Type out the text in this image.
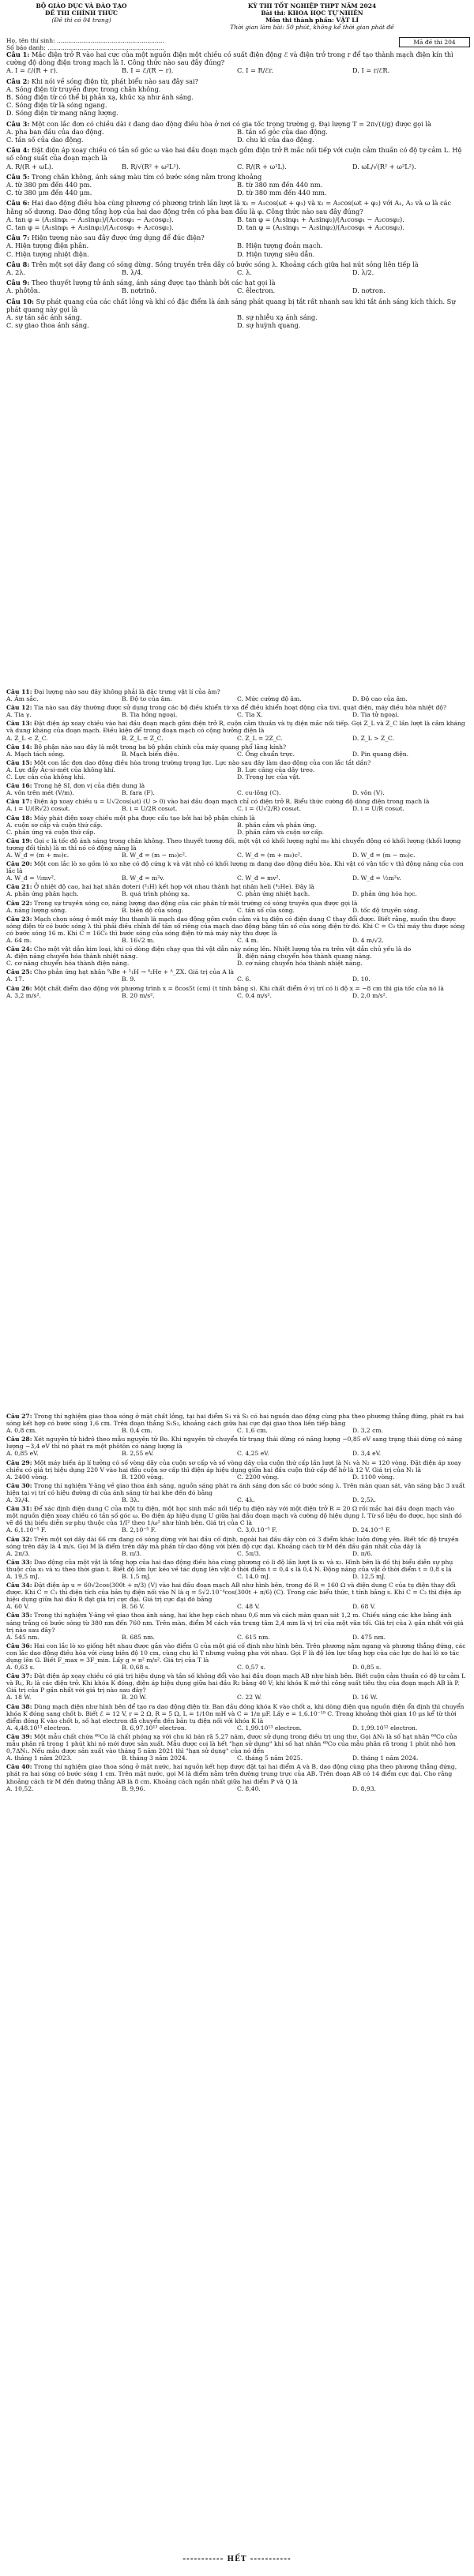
BỘ GIÁO DỤC VÀ ĐÀO TẠO
ĐỀ THI CHÍNH THỨC
(Đề thi có 04 trang)
KỲ THI TỐT NGHIỆP THPT NĂM 2024
Bài thi: KHOA HỌC TỰ NHIÊN
Môn thi thành phần: VẬT LÍ
Thời gian làm bài: 50 phút, không kể thời gian phát đề
Họ, tên thí sinh: .........................................................
Số báo danh: ..............................................................
Mã đề thi 204
Câu 1: Mắc điện trở R vào hai cực của một nguồn điện một chiều có suất điện động ℰ và điện trở trong r để tạo thành mạch điện kín thì cường độ dòng điện trong mạch là I. Công thức nào sau đây đúng?
A. I = ℰ/(R + r).	B. I = ℰ/(R − r).	C. I = R/ℰr.	D. I = r/ℰR.
Câu 2: Khi nói về sóng điện từ, phát biểu nào sau đây sai?
A. Sóng điện từ truyền được trong chân không.
B. Sóng điện từ có thể bị phản xạ, khúc xạ như ánh sáng.
C. Sóng điện từ là sóng ngang.
D. Sóng điện từ mang năng lượng.
Câu 3: Một con lắc đơn có chiều dài ℓ đang dao động điều hòa ở nơi có gia tốc trọng trường g. Đại lượng T = 2π√(ℓ/g) được gọi là
A. pha ban đầu của dao động.	B. tần số góc của dao động.
C. tần số của dao động.	D. chu kì của dao động.
Câu 4: Đặt điện áp xoay chiều có tần số góc ω vào hai đầu đoạn mạch gồm điện trở R mắc nối tiếp với cuộn cảm thuần có độ tự cảm L. Hệ số công suất của đoạn mạch là
A. R/(R + ωL).	B. R/√(R² + ω²L²).	C. R/(R + ω²L).	D. ωL/√(R² + ω²L²).
Câu 5: Trong chân không, ánh sáng màu tím có bước sóng nằm trong khoảng
A. từ 380 pm đến 440 pm.	B. từ 380 nm đến 440 nm.
C. từ 380 μm đến 440 μm.	D. từ 380 mm đến 440 mm.
Câu 6: Hai dao động điều hòa cùng phương có phương trình lần lượt là x₁ = A₁cos(ωt + φ₁) và x₂ = A₂cos(ωt + φ₂) với A₁, A₂ và ω là các hằng số dương. Dao động tổng hợp của hai dao động trên có pha ban đầu là φ. Công thức nào sau đây đúng?
A. tan φ = (A₁sinφ₁ − A₂sinφ₂)/(A₁cosφ₁ − A₂cosφ₂).	B. tan φ = (A₁sinφ₁ + A₂sinφ₂)/(A₁cosφ₁ − A₂cosφ₂).
C. tan φ = (A₁sinφ₁ + A₂sinφ₂)/(A₁cosφ₁ + A₂cosφ₂).	D. tan φ = (A₁sinφ₁ − A₂sinφ₂)/(A₁cosφ₁ + A₂cosφ₂).
Câu 7: Hiện tượng nào sau đây được ứng dụng để đúc điện?
A. Hiện tượng điện phân.	B. Hiện tượng đoản mạch.
C. Hiện tượng nhiệt điện.	D. Hiện tượng siêu dẫn.
Câu 8: Trên một sợi dây đang có sóng dừng. Sóng truyền trên dây có bước sóng λ. Khoảng cách giữa hai nút sóng liên tiếp là
A. 2λ.	B. λ/4.	C. λ.	D. λ/2.
Câu 9: Theo thuyết lượng tử ánh sáng, ánh sáng được tạo thành bởi các hạt gọi là
A. phôtôn.	B. nơtrinô.	C. êlectron.	D. nơtron.
Câu 10: Sự phát quang của các chất lỏng và khí có đặc điểm là ánh sáng phát quang bị tắt rất nhanh sau khi tắt ánh sáng kích thích. Sự phát quang này gọi là
A. sự tán sắc ánh sáng.	B. sự nhiễu xạ ánh sáng.
C. sự giao thoa ánh sáng.	D. sự huỳnh quang.
Câu 11: Đại lượng nào sau đây không phải là đặc trưng vật lí của âm?
A. Âm sắc.	B. Độ to của âm.	C. Mức cường độ âm.	D. Độ cao của âm.
Câu 12: Tia nào sau đây thường được sử dụng trong các bộ điều khiển từ xa để điều khiển hoạt động của tivi, quạt điện, máy điều hòa nhiệt độ?
A. Tia γ.	B. Tia hồng ngoại.	C. Tia X.	D. Tia tử ngoại.
Câu 13: Đặt điện áp xoay chiều vào hai đầu đoạn mạch gồm điện trở R, cuộn cảm thuần và tụ điện mắc nối tiếp. Gọi Z_L và Z_C lần lượt là cảm kháng và dung kháng của đoạn mạch. Điều kiện để trong đoạn mạch có cộng hưởng điện là
A. Z_L < Z_C.	B. Z_L = Z_C.	C. Z_L = 2Z_C.	D. Z_L > Z_C.
Câu 14: Bộ phận nào sau đây là một trong ba bộ phận chính của máy quang phổ lăng kính?
A. Mạch tách sóng.	B. Mạch biến điệu.	C. Ống chuẩn trực.	D. Pin quang điện.
Câu 15: Một con lắc đơn dao động điều hòa trong trường trọng lực. Lực nào sau đây làm dao động của con lắc tắt dần?
A. Lực đẩy Ác-si-mét của không khí.	B. Lực căng của dây treo.
C. Lực cản của không khí.	D. Trọng lực của vật.
Câu 16: Trong hệ SI, đơn vị của điện dung là
A. vôn trên mét (V/m).	B. fara (F).	C. cu-lông (C).	D. vôn (V).
Câu 17: Điện áp xoay chiều u = U√2cos(ωt) (U > 0) vào hai đầu đoạn mạch chỉ có điện trở R. Biểu thức cường độ dòng điện trong mạch là
A. i = U/(R√2) cosωt.	B. i = U/2R cosωt.	C. i = (U√2/R) cosωt.	D. i = U/R cosωt.
Câu 18: Máy phát điện xoay chiều một pha được cấu tạo bởi hai bộ phận chính là
A. cuộn sơ cấp và cuộn thứ cấp.	B. phần cảm và phần ứng.
C. phần ứng và cuộn thứ cấp.	D. phần cảm và cuộn sơ cấp.
Câu 19: Gọi c là tốc độ ánh sáng trong chân không. Theo thuyết tương đối, một vật có khối lượng nghỉ m₀ khi chuyển động có khối lượng (khối lượng tương đối tính) là m thì nó có động năng là
A. W_đ = (m + m₀)c.	B. W_đ = (m − m₀)c².	C. W_đ = (m + m₀)c².	D. W_đ = (m − m₀)c.
Câu 20: Một con lắc lò xo gồm lò xo nhẹ có độ cứng k và vật nhỏ có khối lượng m đang dao động điều hòa. Khi vật có vận tốc v thì động năng của con lắc là
A. W_đ = ½mv².	B. W_đ = m²v.	C. W_đ = mv².	D. W_đ = ½m²v.
Câu 21: Ở nhiệt độ cao, hai hạt nhân đơteri (²₁H) kết hợp với nhau thành hạt nhân heli (⁴₂He). Đây là
A. phản ứng phân hạch.	B. quá trình phóng xạ.	C. phản ứng nhiệt hạch.	D. phản ứng hóa học.
Câu 22: Trong sự truyền sóng cơ, năng lượng dao động của các phần tử môi trường có sóng truyền qua được gọi là
A. năng lượng sóng.	B. biên độ của sóng.	C. tần số của sóng.	D. tốc độ truyền sóng.
Câu 23: Mạch chọn sóng ở một máy thu thanh là mạch dao động gồm cuộn cảm và tụ điện có điện dung C thay đổi được. Biết rằng, muốn thu được sóng điện từ có bước sóng λ thì phải điều chỉnh để tần số riêng của mạch dao động bằng tần số của sóng điện từ đó. Khi C = C₀ thì máy thu được sóng có bước sóng 16 m. Khi C = 16C₀ thì bước sóng của sóng điện từ mà máy này thu được là
A. 64 m.	B. 16√2 m.	C. 4 m.	D. 4 m/√2.
Câu 24: Cho một vật dẫn kim loại, khi có dòng điện chạy qua thì vật dẫn này nóng lên. Nhiệt lượng tỏa ra trên vật dẫn chủ yếu là do
A. điện năng chuyển hóa thành nhiệt năng.	B. điện năng chuyển hóa thành quang năng.
C. cơ năng chuyển hóa thành điện năng.	D. cơ năng chuyển hóa thành nhiệt năng.
Câu 25: Cho phản ứng hạt nhân ⁹₄Be + ¹₁H → ⁴₂He + ᴬ_ZX. Giá trị của A là
A. 17.	B. 9.	C. 6.	D. 10.
Câu 26: Một chất điểm dao động với phương trình x = 8cos5t (cm) (t tính bằng s). Khi chất điểm ở vị trí có li độ x = −8 cm thì gia tốc của nó là
A. 3,2 m/s².	B. 20 m/s².	C. 0,4 m/s².	D. 2,0 m/s².
Câu 27: Trong thí nghiệm giao thoa sóng ở mặt chất lỏng, tại hai điểm S₁ và S₂ có hai nguồn dao động cùng pha theo phương thẳng đứng, phát ra hai sóng kết hợp có bước sóng 1,6 cm. Trên đoạn thẳng S₁S₂, khoảng cách giữa hai cực đại giao thoa liên tiếp bằng
A. 0,8 cm.	B. 0,4 cm.	C. 1,6 cm.	D. 3,2 cm.
Câu 28: Xét nguyên tử hiđrô theo mẫu nguyên tử Bo. Khi nguyên tử chuyển từ trạng thái dừng có năng lượng −0,85 eV sang trạng thái dừng có năng lượng −3,4 eV thì nó phát ra một phôtôn có năng lượng là
A. 0,85 eV.	B. 2,55 eV.	C. 4,25 eV.	D. 3,4 eV.
Câu 29: Một máy biến áp lí tưởng có số vòng dây của cuộn sơ cấp và số vòng dây của cuộn thứ cấp lần lượt là N₁ và N₂ = 120 vòng. Đặt điện áp xoay chiều có giá trị hiệu dụng 220 V vào hai đầu cuộn sơ cấp thì điện áp hiệu dụng giữa hai đầu cuộn thứ cấp để hở là 12 V. Giá trị của N₁ là
A. 2400 vòng.	B. 1200 vòng.	C. 2200 vòng.	D. 1100 vòng.
Câu 30: Trong thí nghiệm Y-âng về giao thoa ánh sáng, nguồn sáng phát ra ánh sáng đơn sắc có bước sóng λ. Trên màn quan sát, vân sáng bậc 3 xuất hiện tại vị trí có hiệu đường đi của ánh sáng từ hai khe đến đó bằng
A. 3λ/4.	B. 3λ.	C. 4λ.	D. 2,5λ.
Câu 31: Để xác định điện dung C của một tụ điện, một học sinh mắc nối tiếp tụ điện này với một điện trở R = 20 Ω rồi mắc hai đầu đoạn mạch vào một nguồn điện xoay chiều có tần số góc ω. Đo điện áp hiệu dụng U giữa hai đầu đoạn mạch và cường độ hiệu dụng I. Từ số liệu đo được, học sinh đó vẽ đồ thị biểu diễn sự phụ thuộc của 1/I² theo 1/ω² như hình bên. Giá trị của C là
A. 6,1.10⁻⁵ F.	B. 2,10⁻⁵ F.	C. 3,0.10⁻⁵ F.	D. 24.10⁻⁵ F.
Câu 32: Trên một sợi dây dài 66 cm đang có sóng dừng với hai đầu cố định, ngoài hai đầu dây còn có 3 điểm khác luôn đứng yên. Biết tốc độ truyền sóng trên dây là 4 m/s. Gọi M là điểm trên dây mà phần tử dao động với biên độ cực đại. Khoảng cách từ M đến đầu gần nhất của dây là
A. 2π/3.	B. π/3.	C. 5π/3.	D. π/6.
Câu 33: Dao động của một vật là tổng hợp của hai dao động điều hòa cùng phương có li độ lần lượt là x₁ và x₂. Hình bên là đồ thị biểu diễn sự phụ thuộc của x₁ và x₂ theo thời gian t. Biết độ lớn lực kéo về tác dụng lên vật ở thời điểm t = 0,4 s là 0,4 N. Động năng của vật ở thời điểm t = 0,8 s là
A. 19,5 mJ.	B. 1,5 mJ.	C. 14,0 mJ.	D. 12,5 mJ.
Câu 34: Đặt điện áp u = 60√2cos(300t + π/3) (V) vào hai đầu đoạn mạch AB như hình bên, trong đó R = 160 Ω và điện dung C của tụ điện thay đổi được. Khi C = C₁ thì điện tích của bản tụ điện nối vào N là q = 5√2.10⁻⁴cos(300t + π/6) (C). Trong các biểu thức, t tính bằng s. Khi C = C₂ thì điện áp hiệu dụng giữa hai đầu R đạt giá trị cực đại. Giá trị cực đại đó bằng
A. 60 V.	B. 56 V.	C. 48 V.	D. 68 V.
Câu 35: Trong thí nghiệm Y-âng về giao thoa ánh sáng, hai khe hẹp cách nhau 0,6 mm và cách màn quan sát 1,2 m. Chiếu sáng các khe bằng ánh sáng trắng có bước sóng từ 380 nm đến 760 nm. Trên màn, điểm M cách vân trung tâm 2,4 mm là vị trí của một vân tối. Giá trị của λ gần nhất với giá trị nào sau đây?
A. 545 nm.	B. 685 nm.	C. 615 nm.	D. 475 nm.
Câu 36: Hai con lắc lò xo giống hệt nhau được gắn vào điểm G của một giá cố định như hình bên. Trên phương nằm ngang và phương thẳng đứng, các con lắc dao động điều hòa với cùng biên độ 10 cm, cùng chu kì T nhưng vuông pha với nhau. Gọi F là độ lớn lực tổng hợp của các lực do hai lò xo tác dụng lên G. Biết F_max = 3F_min. Lấy g = π² m/s². Giá trị của T là
A. 0,63 s.	B. 0,68 s.	C. 0,57 s.	D. 0,85 s.
Câu 37: Đặt điện áp xoay chiều có giá trị hiệu dụng và tần số không đổi vào hai đầu đoạn mạch AB như hình bên. Biết cuộn cảm thuần có độ tự cảm L và R₁, R₂ là các điện trở. Khi khóa K đóng, điện áp hiệu dụng giữa hai đầu R₂ bằng 40 V; khi khóa K mở thì công suất tiêu thụ của đoạn mạch AB là P. Giá trị của P gần nhất với giá trị nào sau đây?
A. 18 W.	B. 20 W.	C. 22 W.	D. 16 W.
Câu 38: Dùng mạch điện như hình bên để tạo ra dao động điện từ. Ban đầu đóng khóa K vào chốt a, khi dòng điện qua nguồn điện ổn định thì chuyển khóa K đóng sang chốt b. Biết ℰ = 12 V, r = 2 Ω, R = 5 Ω, L = 1/10π mH và C = 1/π μF. Lấy e = 1,6.10⁻¹⁹ C. Trong khoảng thời gian 10 μs kể từ thời điểm đóng K vào chốt b, số hạt electron đã chuyển đến bản tụ điện nối với khóa K là
A. 4,48.10¹³ electron.	B. 6,97.10¹³ electron.	C. 1,99.10¹³ electron.	D. 1,99.10¹² electron.
Câu 39: Một mẫu chất chứa ⁶⁰Co là chất phóng xạ với chu kì bán rã 5,27 năm, được sử dụng trong điều trị ung thư. Gọi ΔN₁ là số hạt nhân ⁶⁰Co của mẫu phân rã trong 1 phút khi nó mới được sản xuất. Mẫu được coi là hết "hạn sử dụng" khi số hạt nhân ⁶⁰Co của mẫu phân rã trong 1 phút nhỏ hơn 0,7ΔN₁. Nếu mẫu được sản xuất vào tháng 5 năm 2021 thì "hạn sử dụng" của nó đến
A. tháng 1 năm 2023.	B. tháng 3 năm 2024.	C. tháng 5 năm 2025.	D. tháng 1 năm 2024.
Câu 40: Trong thí nghiệm giao thoa sóng ở mặt nước, hai nguồn kết hợp được đặt tại hai điểm A và B, dao động cùng pha theo phương thẳng đứng, phát ra hai sóng có bước sóng 1 cm. Trên mặt nước, gọi M là điểm nằm trên đường trung trực của AB. Trên đoạn AB có 14 điểm cực đại. Cho rằng khoảng cách từ M đến đường thẳng AB là 8 cm. Khoảng cách ngắn nhất giữa hai điểm P và Q là
A. 10,52.	B. 9,96.	C. 8,40.	D. 8,93.
----------- HẾT -----------
